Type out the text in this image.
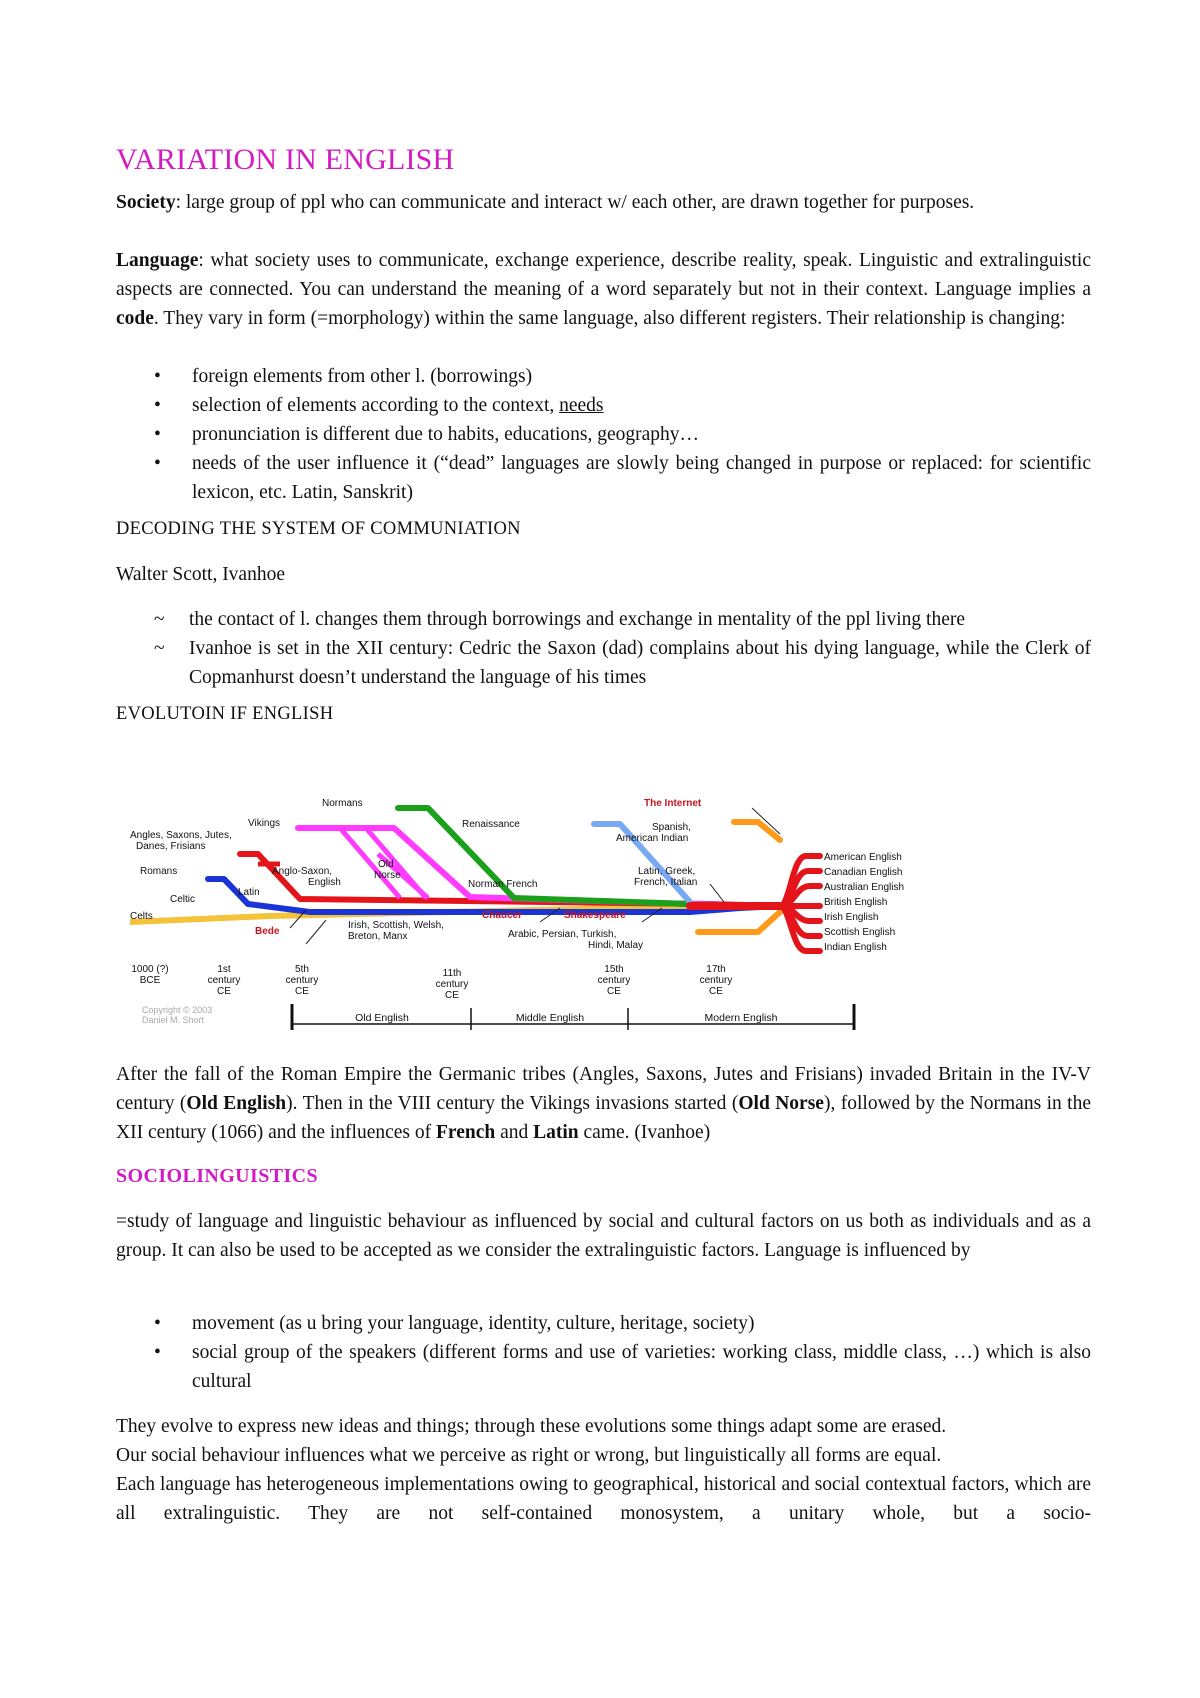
VARIATION IN ENGLISH
Society: large group of ppl who can communicate and interact w/ each other, are drawn together for purposes.
Language: what society uses to communicate, exchange experience, describe reality, speak. Linguistic and extralinguistic aspects are connected. You can understand the meaning of a word separately but not in their context. Language implies a code. They vary in form (=morphology) within the same language, also different registers. Their relationship is changing:
• foreign elements from other l. (borrowings)
• selection of elements according to the context, needs
• pronunciation is different due to habits, educations, geography…
• needs of the user influence it (“dead” languages are slowly being changed in purpose or replaced: for scientific lexicon, etc. Latin, Sanskrit)
DECODING THE SYSTEM OF COMMUNIATION
Walter Scott, Ivanhoe
~ the contact of l. changes them through borrowings and exchange in mentality of the ppl living there
~ Ivanhoe is set in the XII century: Cedric the Saxon (dad) complains about his dying language, while the Clerk of Copmanhurst doesn’t understand the language of his times
EVOLUTOIN IF ENGLISH
The Internet
Normans
Vikings
Angles, Saxons, Jutes,
Danes, Frisians
Romans
Celtic
Celts
Latin
Anglo-Saxon,
English
Old
Norse
Norman French
Renaissance	Spanish,
American Indian
Latin, Greek,
French, Italian
Bede
Irish, Scottish, Welsh,
Breton, Manx
Chaucer	Shakespeare
Arabic, Persian, Turkish,
Hindi, Malay
American English
Canadian English
Australian English
British English
Irish English
Scottish English
Indian English
1000 (?)
BCE
1st
century
CE
5th
century
CE
11th
century
CE
15th
century
CE
17th
century
CE
Copyright © 2003
Daniel M. Short	Old English	Middle English	Modern English
After the fall of the Roman Empire the Germanic tribes (Angles, Saxons, Jutes and Frisians) invaded Britain in the IV-V century (Old English). Then in the VIII century the Vikings invasions started (Old Norse), followed by the Normans in the XII century (1066) and the influences of French and Latin came. (Ivanhoe)
SOCIOLINGUISTICS
=study of language and linguistic behaviour as influenced by social and cultural factors on us both as individuals and as a group. It can also be used to be accepted as we consider the extralinguistic factors. Language is influenced by
• movement (as u bring your language, identity, culture, heritage, society)
• social group of the speakers (different forms and use of varieties: working class, middle class, …) which is also cultural
They evolve to express new ideas and things; through these evolutions some things adapt some are erased.
Our social behaviour influences what we perceive as right or wrong, but linguistically all forms are equal.
Each language has heterogeneous implementations owing to geographical, historical and social contextual factors, which are all extralinguistic. They are not self-contained monosystem, a unitary whole, but a socio-
